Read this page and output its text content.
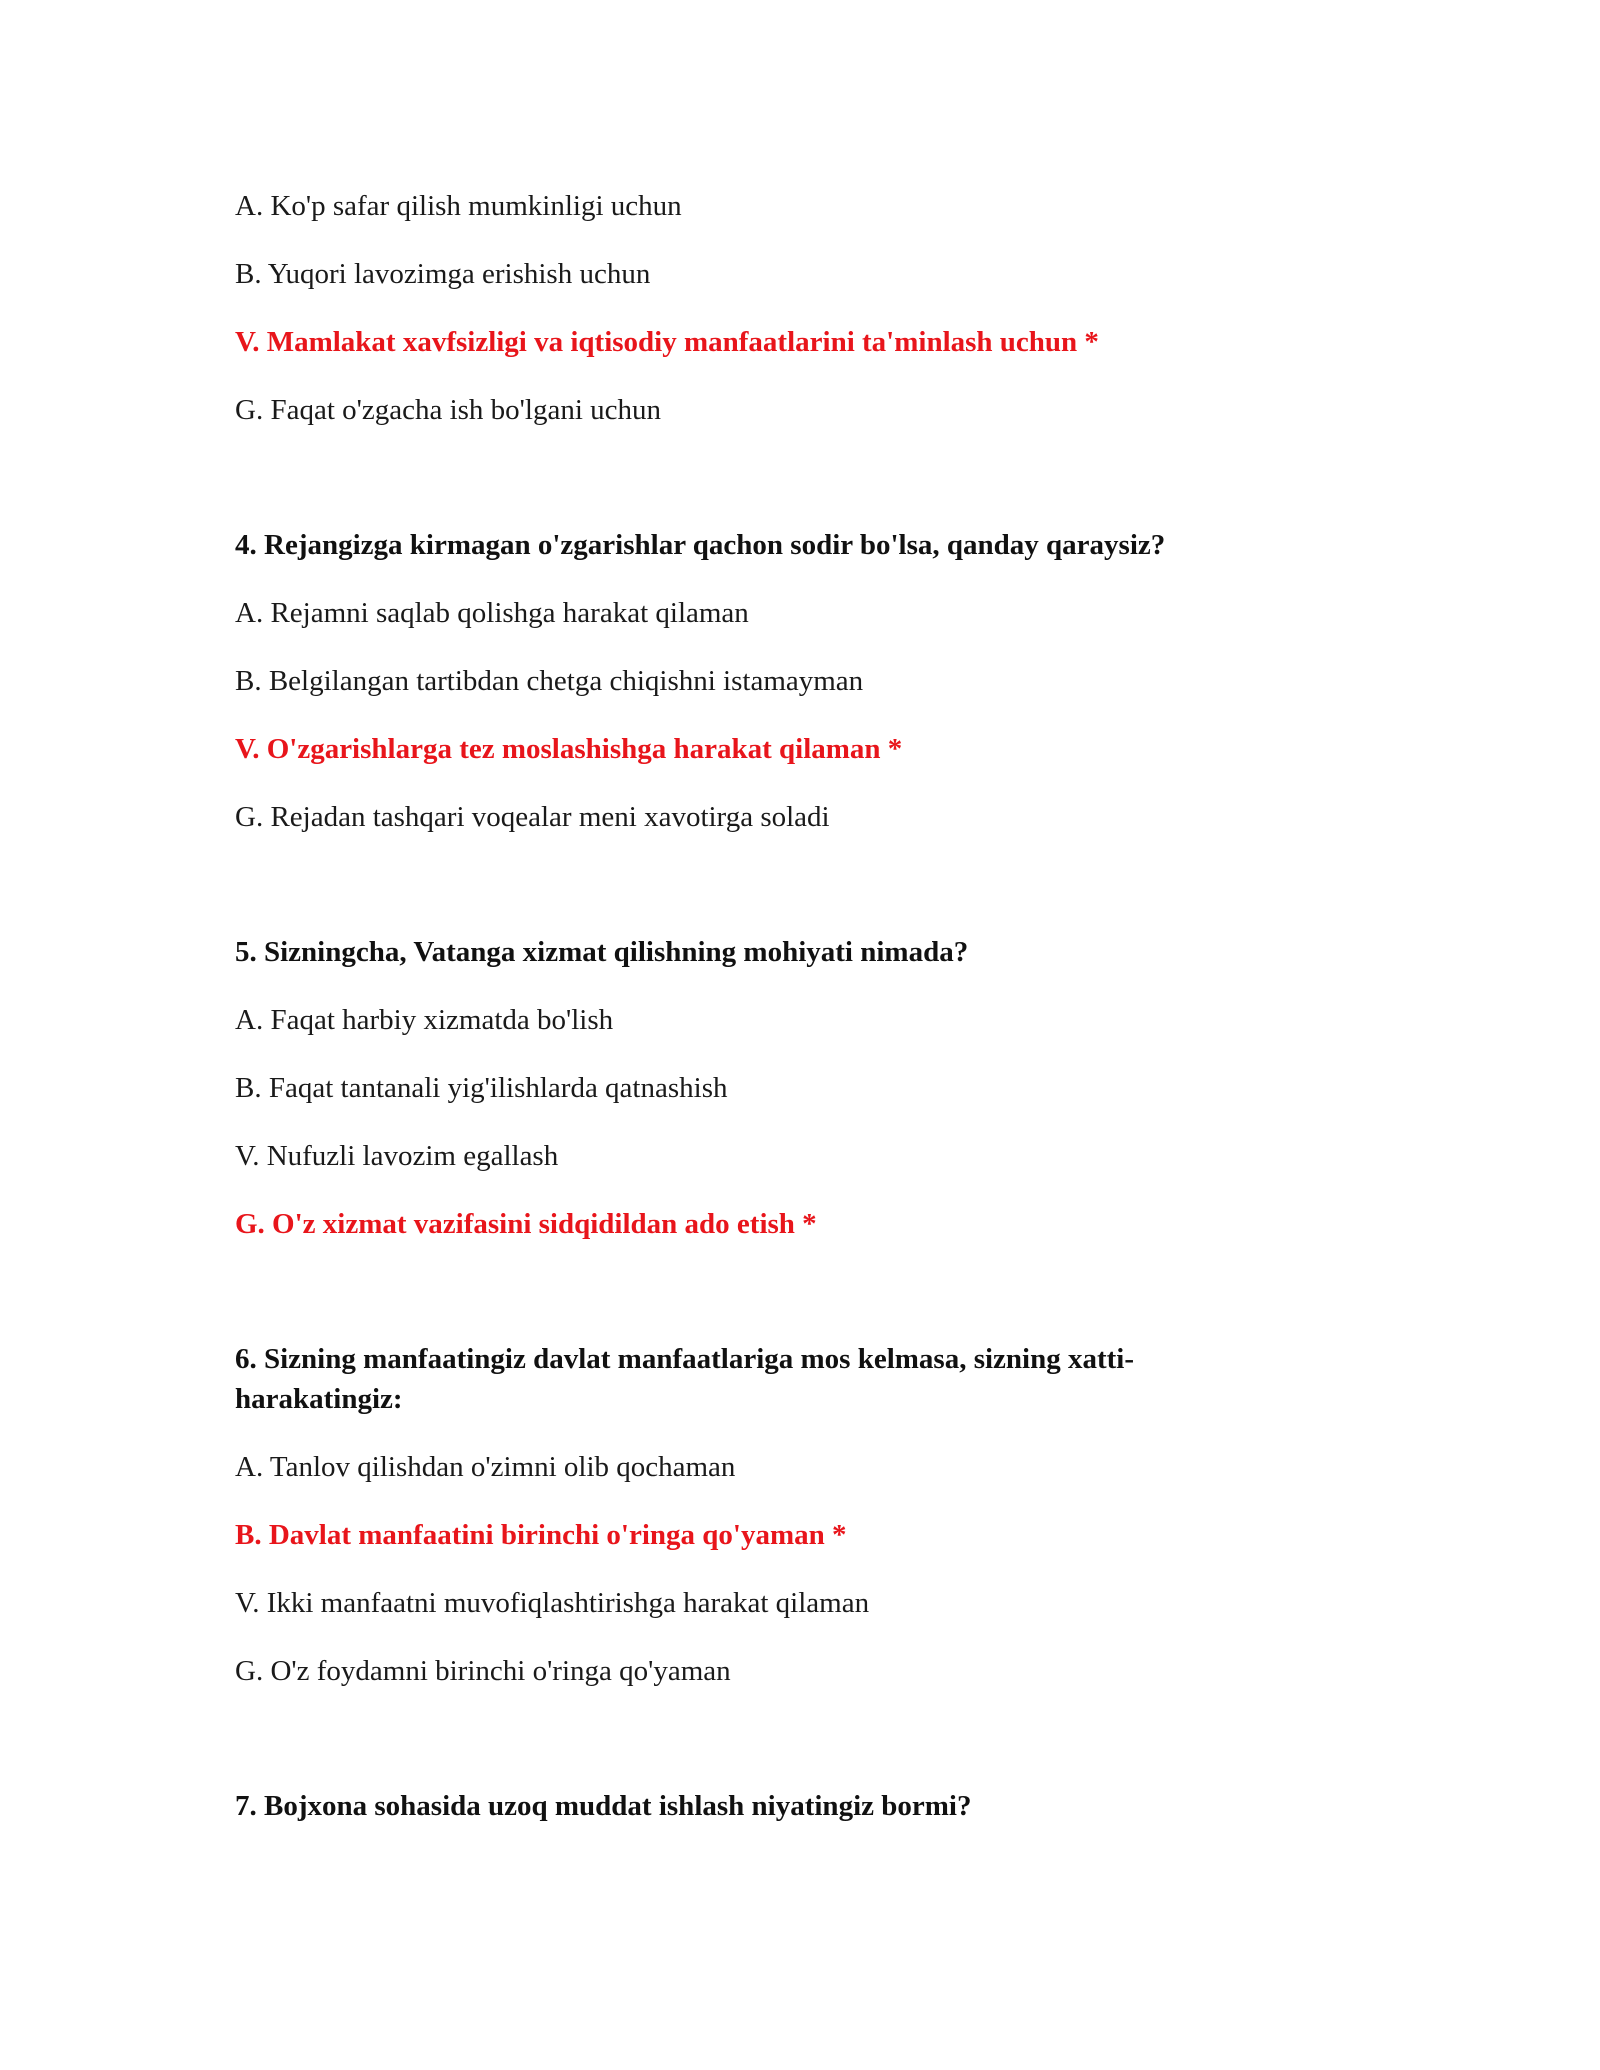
A. Ko'p safar qilish mumkinligi uchun

B. Yuqori lavozimga erishish uchun

V. Mamlakat xavfsizligi va iqtisodiy manfaatlarini ta'minlash uchun *

G. Faqat o'zgacha ish bo'lgani uchun

4. Rejangizga kirmagan o'zgarishlar qachon sodir bo'lsa, qanday qaraysiz?

A. Rejamni saqlab qolishga harakat qilaman

B. Belgilangan tartibdan chetga chiqishni istamayman

V. O'zgarishlarga tez moslashishga harakat qilaman *

G. Rejadan tashqari voqealar meni xavotirga soladi

5. Sizningcha, Vatanga xizmat qilishning mohiyati nimada?

A. Faqat harbiy xizmatda bo'lish

B. Faqat tantanali yig'ilishlarda qatnashish

V. Nufuzli lavozim egallash

G. O'z xizmat vazifasini sidqidildan ado etish *

6. Sizning manfaatingiz davlat manfaatlariga mos kelmasa, sizning xatti-harakatingiz:

A. Tanlov qilishdan o'zimni olib qochaman

B. Davlat manfaatini birinchi o'ringa qo'yaman *

V. Ikki manfaatni muvofiqlashtirishga harakat qilaman

G. O'z foydamni birinchi o'ringa qo'yaman

7. Bojxona sohasida uzoq muddat ishlash niyatingiz bormi?
